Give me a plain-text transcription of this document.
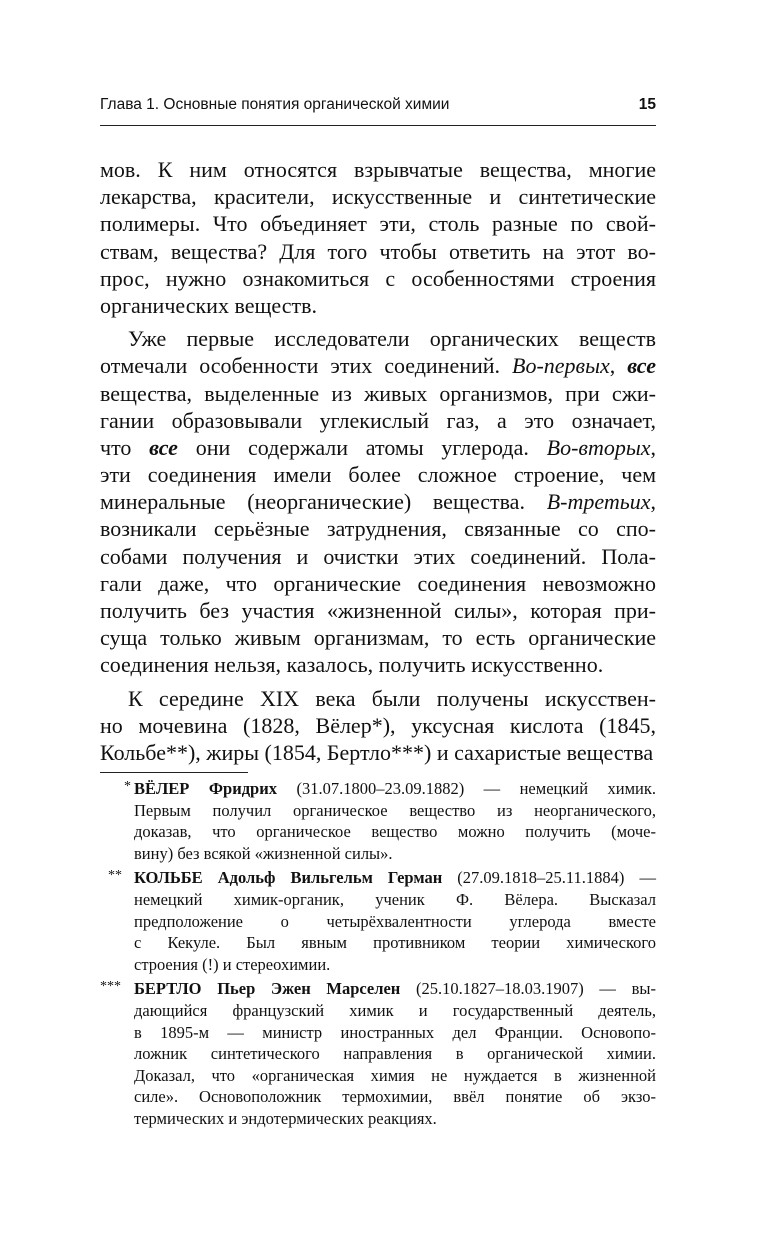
Глава 1. Основные понятия органической химии	15
мов. К ним относятся взрывчатые вещества, многие
лекарства, красители, искусственные и синтетические
полимеры. Что объединяет эти, столь разные по свой-
ствам, вещества? Для того чтобы ответить на этот во-
прос, нужно ознакомиться с особенностями строения
органических веществ.
Уже первые исследователи органических веществ
отмечали особенности этих соединений. Во-первых, все
вещества, выделенные из живых организмов, при сжи-
гании образовывали углекислый газ, а это означает,
что все они содержали атомы углерода. Во-вторых,
эти соединения имели более сложное строение, чем
минеральные (неорганические) вещества. В-третьих,
возникали серьёзные затруднения, связанные со спо-
собами получения и очистки этих соединений. Пола-
гали даже, что органические соединения невозможно
получить без участия «жизненной силы», которая при-
суща только живым организмам, то есть органические
соединения нельзя, казалось, получить искусственно.
К середине XIX века были получены искусствен-
но мочевина (1828, Вёлер*), уксусная кислота (1845,
Кольбе**), жиры (1854, Бертло***) и сахаристые вещества
* ВЁЛЕР Фридрих (31.07.1800–23.09.1882) — немецкий химик.
Первым получил органическое вещество из неорганического,
доказав, что органическое вещество можно получить (моче-
вину) без всякой «жизненной силы».
** КОЛЬБЕ Адольф Вильгельм Герман (27.09.1818–25.11.1884) —
немецкий химик-органик, ученик Ф. Вёлера. Высказал
предположение о четырёхвалентности углерода вместе
с Кекуле. Был явным противником теории химического
строения (!) и стереохимии.
*** БЕРТЛО Пьер Эжен Марселен (25.10.1827–18.03.1907) — вы-
дающийся французский химик и государственный деятель,
в 1895-м — министр иностранных дел Франции. Основопо-
ложник синтетического направления в органической химии.
Доказал, что «органическая химия не нуждается в жизненной
силе». Основоположник термохимии, ввёл понятие об экзо-
термических и эндотермических реакциях.
